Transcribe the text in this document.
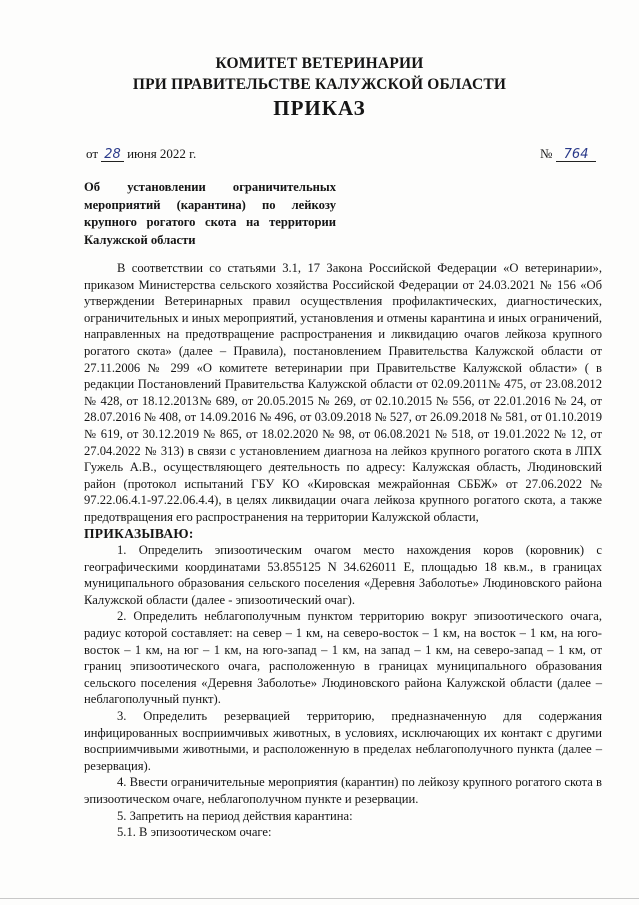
КОМИТЕТ ВЕТЕРИНАРИИ
ПРИ ПРАВИТЕЛЬСТВЕ КАЛУЖСКОЙ ОБЛАСТИ
ПРИКАЗ
от 28 июня 2022 г.	№ 764
Об установлении ограничительных мероприятий (карантина) по лейкозу крупного рогатого скота на территории Калужской области

В соответствии со статьями 3.1, 17 Закона Российской Федерации «О ветеринарии», приказом Министерства сельского хозяйства Российской Федерации от 24.03.2021 № 156 «Об утверждении Ветеринарных правил осуществления профилактических, диагностических, ограничительных и иных мероприятий, установления и отмены карантина и иных ограничений, направленных на предотвращение распространения и ликвидацию очагов лейкоза крупного рогатого скота» (далее – Правила), постановлением Правительства Калужской области от 27.11.2006 № 299 «О комитете ветеринарии при Правительстве Калужской области» ( в редакции Постановлений Правительства Калужской области от 02.09.2011№ 475, от 23.08.2012 № 428, от 18.12.2013№ 689, от 20.05.2015 № 269, от 02.10.2015 № 556, от 22.01.2016 № 24, от 28.07.2016 № 408, от 14.09.2016 № 496, от 03.09.2018 № 527, от 26.09.2018 № 581, от 01.10.2019 № 619, от 30.12.2019 № 865, от 18.02.2020 № 98, от 06.08.2021 № 518, от 19.01.2022 № 12, от 27.04.2022 № 313) в связи с установлением диагноза на лейкоз крупного рогатого скота в ЛПХ Гужель А.В., осуществляющего деятельность по адресу: Калужская область, Людиновский район (протокол испытаний ГБУ КО «Кировская межрайонная СББЖ» от 27.06.2022 № 97.22.06.4.1-97.22.06.4.4), в целях ликвидации очага лейкоза крупного рогатого скота, а также предотвращения его распространения на территории Калужской области,

ПРИКАЗЫВАЮ:

1. Определить эпизоотическим очагом место нахождения коров (коровник) с географическими координатами 53.855125 N 34.626011 E, площадью 18 кв.м., в границах муниципального образования сельского поселения «Деревня Заболотье» Людиновского района Калужской области (далее - эпизоотический очаг).

2. Определить неблагополучным пунктом территорию вокруг эпизоотического очага, радиус которой составляет: на север – 1 км, на северо-восток – 1 км, на восток – 1 км, на юго-восток – 1 км, на юг – 1 км, на юго-запад – 1 км, на запад – 1 км, на северо-запад – 1 км, от границ эпизоотического очага, расположенную в границах муниципального образования сельского поселения «Деревня Заболотье» Людиновского района Калужской области (далее – неблагополучный пункт).

3. Определить резервацией территорию, предназначенную для содержания инфицированных восприимчивых животных, в условиях, исключающих их контакт с другими восприимчивыми животными, и расположенную в пределах неблагополучного пункта (далее – резервация).

4. Ввести ограничительные мероприятия (карантин) по лейкозу крупного рогатого скота в эпизоотическом очаге, неблагополучном пункте и резервации.

5. Запретить на период действия карантина:

5.1. В эпизоотическом очаге:
